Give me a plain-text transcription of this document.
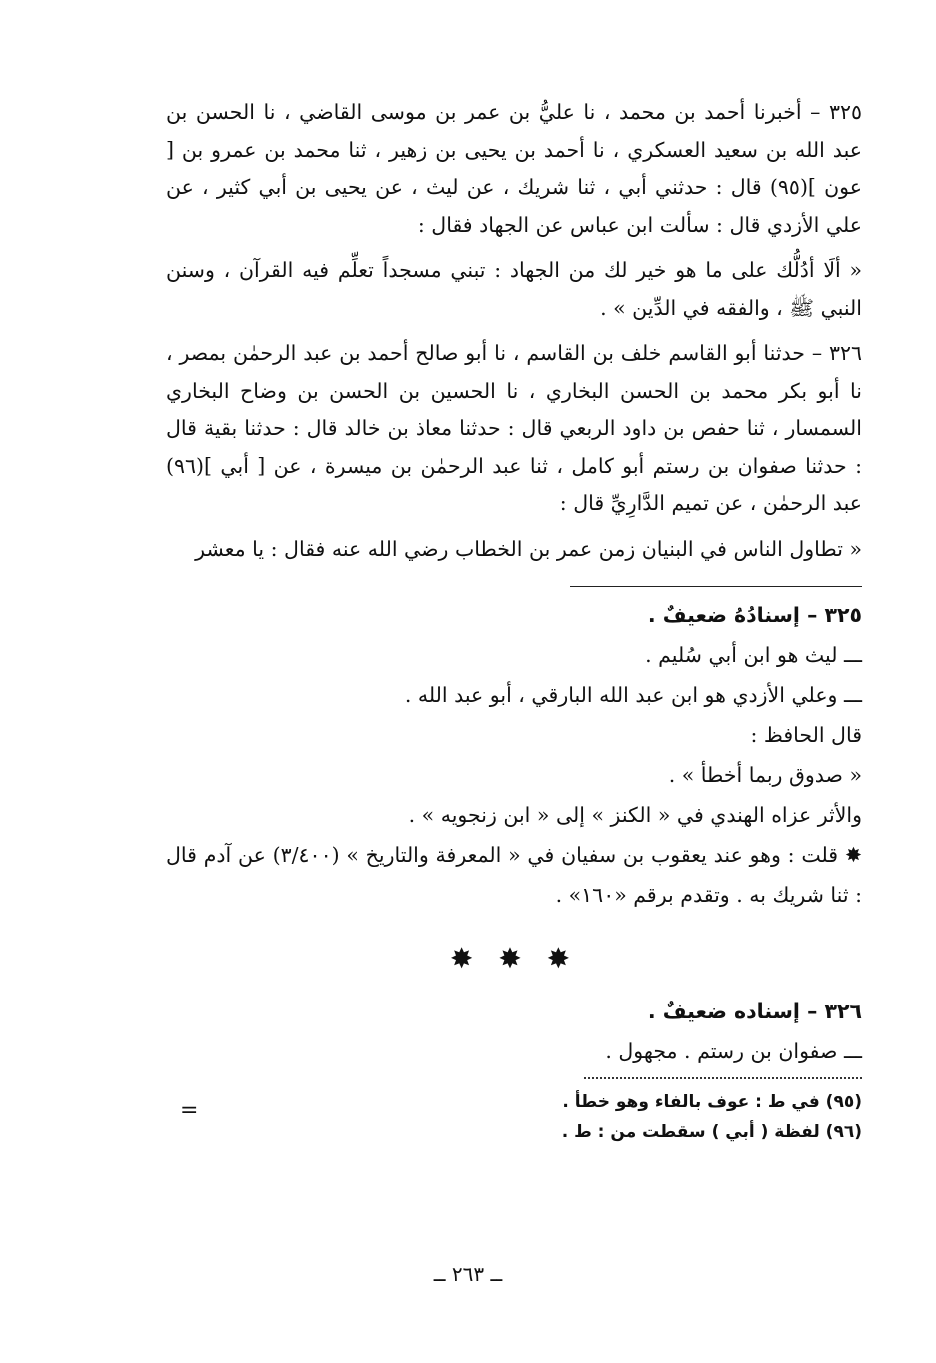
٣٢٥ – أخبرنا أحمد بن محمد ، نا عليُّ بن عمر بن موسى القاضي ، نا الحسن بن عبد الله بن سعيد العسكري ، نا أحمد بن يحيى بن زهير ، ثنا محمد بن عمرو بن [ عون ](٩٥) قال : حدثني أبي ، ثنا شريك ، عن ليث ، عن يحيى بن أبي كثير ، عن علي الأزدي قال : سألت ابن عباس عن الجهاد فقال :

« ألَا أدُلُّك على ما هو خير لك من الجهاد : تبني مسجداً تعلِّم فيه القرآن ، وسنن النبي ﷺ ، والفقه في الدِّين » .

٣٢٦ – حدثنا أبو القاسم خلف بن القاسم ، نا أبو صالح أحمد بن عبد الرحمٰن بمصر ، نا أبو بكر محمد بن الحسن البخاري ، نا الحسين بن الحسن بن وضاح البخاري السمسار ، ثنا حفص بن داود الربعي قال : حدثنا معاذ بن خالد قال : حدثنا بقية قال : حدثنا صفوان بن رستم أبو كامل ، ثنا عبد الرحمٰن بن ميسرة ، عن [ أبي ](٩٦) عبد الرحمٰن ، عن تميم الدَّارِيِّ قال :

« تطاول الناس في البنيان زمن عمر بن الخطاب رضي الله عنه فقال : يا معشر

٣٢٥ – إسنادُهُ ضعيفٌ .

ـــ ليث هو ابن أبي سُليم .

ـــ وعلي الأزدي هو ابن عبد الله البارقي ، أبو عبد الله .

قال الحافظ :

« صدوق ربما أخطأ » .

والأثر عزاه الهندي في « الكنز » إلى « ابن زنجويه » .

✸ قلت : وهو عند يعقوب بن سفيان في « المعرفة والتاريخ » (٣/٤٠٠) عن آدم قال : ثنا شريك به . وتقدم برقم «١٦٠» .

✸ ✸ ✸

٣٢٦ – إسناده ضعيفٌ .

ـــ صفوان بن رستم . مجهول .

(٩٥) في ط : عوف بالفاء وهو خطأ .

(٩٦) لفظة ( أبي ) سقطت من : ط .

=
ــ ٢٦٣ ــ
